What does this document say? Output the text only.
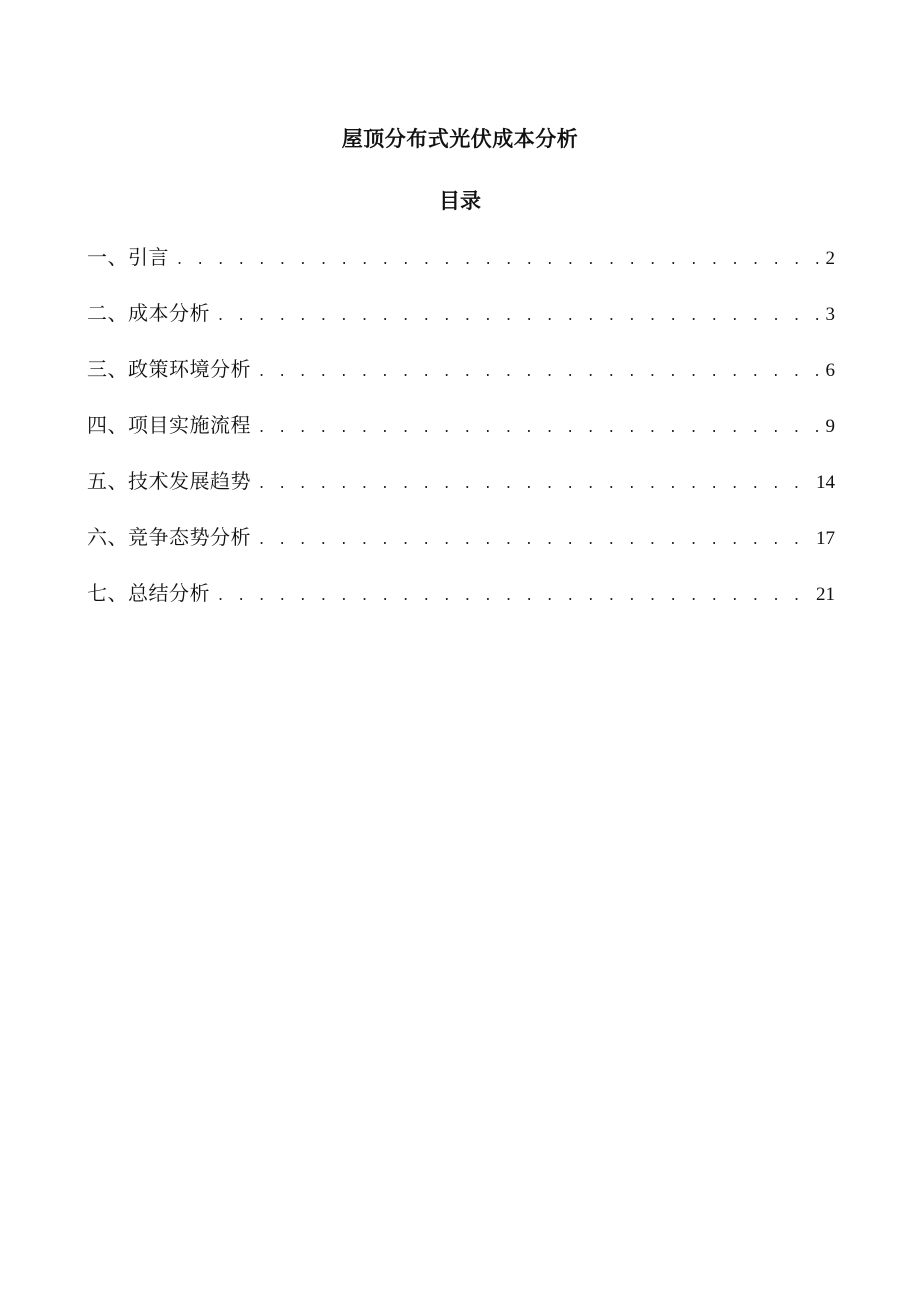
屋顶分布式光伏成本分析
目录
一、引言 . . .	2
二、成本分析 . . .	3
三、政策环境分析 . . .	6
四、项目实施流程 . . .	9
五、技术发展趋势 . . .	14
六、竞争态势分析 . . .	17
七、总结分析 . . .	21
